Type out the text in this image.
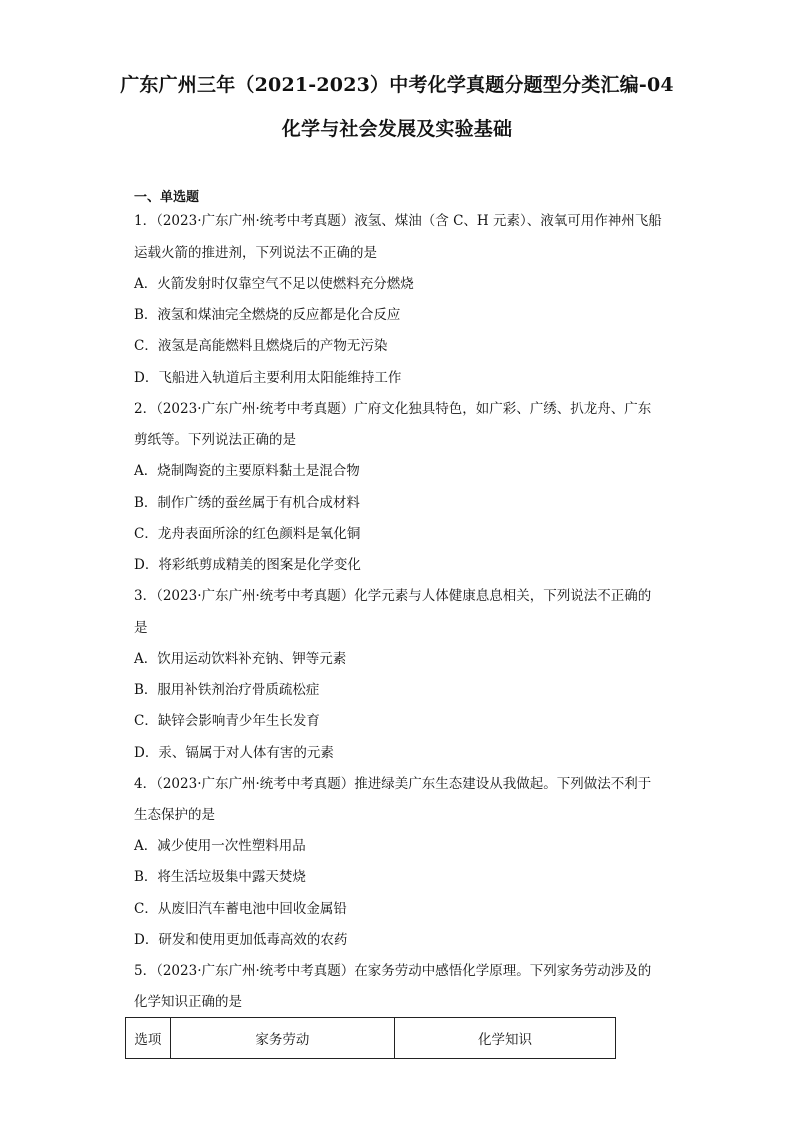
广东广州三年（2021-2023）中考化学真题分题型分类汇编-04
化学与社会发展及实验基础
一、单选题
1．（2023·广东广州·统考中考真题）液氢、煤油（含 C、H 元素）、液氧可用作神州飞船
运载火箭的推进剂，下列说法不正确的是
A．火箭发射时仅靠空气不足以使燃料充分燃烧
B．液氢和煤油完全燃烧的反应都是化合反应
C．液氢是高能燃料且燃烧后的产物无污染
D．飞船进入轨道后主要利用太阳能维持工作
2．（2023·广东广州·统考中考真题）广府文化独具特色，如广彩、广绣、扒龙舟、广东
剪纸等。下列说法正确的是
A．烧制陶瓷的主要原料黏土是混合物
B．制作广绣的蚕丝属于有机合成材料
C．龙舟表面所涂的红色颜料是氧化铜
D．将彩纸剪成精美的图案是化学变化
3．（2023·广东广州·统考中考真题）化学元素与人体健康息息相关，下列说法不正确的
是
A．饮用运动饮料补充钠、钾等元素
B．服用补铁剂治疗骨质疏松症
C．缺锌会影响青少年生长发育
D．汞、镉属于对人体有害的元素
4．（2023·广东广州·统考中考真题）推进绿美广东生态建设从我做起。下列做法不利于
生态保护的是
A．减少使用一次性塑料用品
B．将生活垃圾集中露天焚烧
C．从废旧汽车蓄电池中回收金属铅
D．研发和使用更加低毒高效的农药
5．（2023·广东广州·统考中考真题）在家务劳动中感悟化学原理。下列家务劳动涉及的
化学知识正确的是
选项	家务劳动	化学知识
